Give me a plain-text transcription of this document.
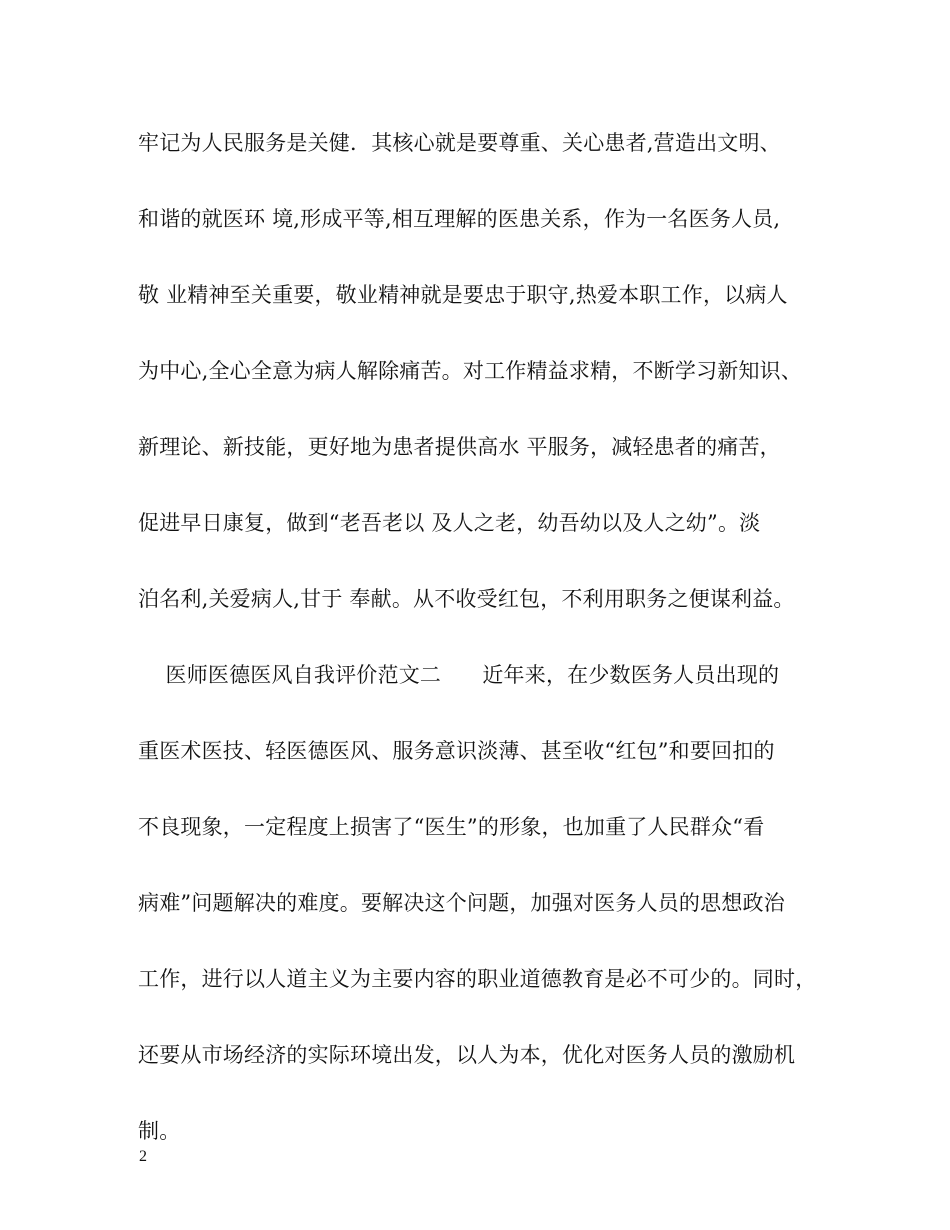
牢记为人民服务是关健．其核心就是要尊重、关心患者,营造出文明、
和谐的就医环 境,形成平等,相互理解的医患关系，作为一名医务人员,
敬 业精神至关重要，敬业精神就是要忠于职守,热爱本职工作，以病人
为中心,全心全意为病人解除痛苦。对工作精益求精，不断学习新知识、
新理论、新技能，更好地为患者提供高水 平服务，减轻患者的痛苦，
促进早日康复，做到“老吾老以 及人之老，幼吾幼以及人之幼”。淡
泊名利,关爱病人,甘于 奉献。从不收受红包，不利用职务之便谋利益。
医师医德医风自我评价范文二      近年来，在少数医务人员出现的
重医术医技、轻医德医风、服务意识淡薄、甚至收“红包”和要回扣的
不良现象，一定程度上损害了“医生”的形象，也加重了人民群众“看
病难”问题解决的难度。要解决这个问题，加强对医务人员的思想政治
工作，进行以人道主义为主要内容的职业道德教育是必不可少的。同时，
还要从市场经济的实际环境出发，以人为本，优化对医务人员的激励机
制。
2
